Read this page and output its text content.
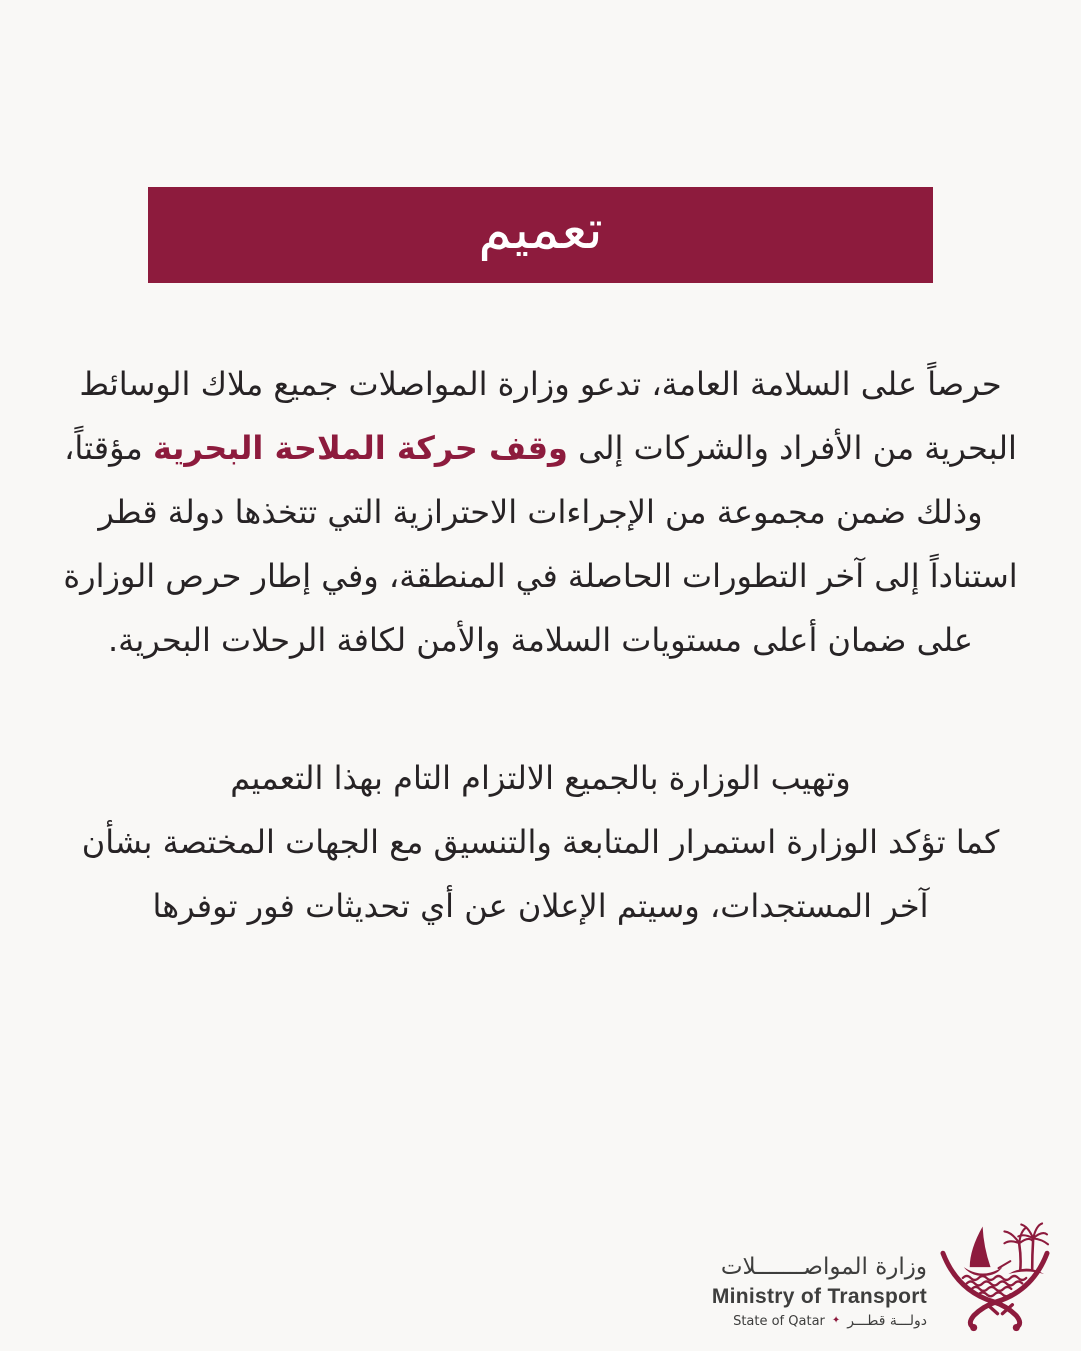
تعميم

حرصاً على السلامة العامة، تدعو وزارة المواصلات جميع ملاك الوسائط
البحرية من الأفراد والشركات إلى وقف حركة الملاحة البحرية مؤقتاً،
وذلك ضمن مجموعة من الإجراءات الاحترازية التي تتخذها دولة قطر
استناداً إلى آخر التطورات الحاصلة في المنطقة، وفي إطار حرص الوزارة
على ضمان أعلى مستويات السلامة والأمن لكافة الرحلات البحرية.

وتهيب الوزارة بالجميع الالتزام التام بهذا التعميم
كما تؤكد الوزارة استمرار المتابعة والتنسيق مع الجهات المختصة بشأن
آخر المستجدات، وسيتم الإعلان عن أي تحديثات فور توفرها

وزارة المواصـــــــلات
Ministry of Transport
State of Qatar ✦ دولـــة قطـــر
